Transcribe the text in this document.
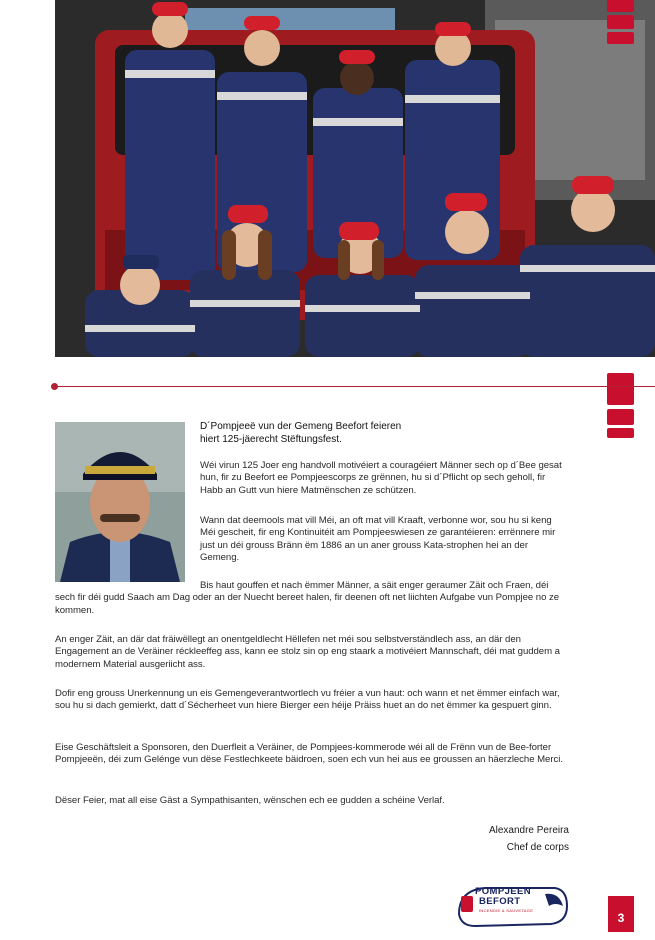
D´Pompjeeë vun der Gemeng Beefort feieren
hiert 125-jäerecht Stëftungsfest.

Wéi virun 125 Joer eng handvoll motivéiert a couragéiert Männer sech op d´Bee gesat hun, fir zu Beefort ee Pompjeescorps ze grënnen, hu si d´Pflicht op sech geholl, fir Habb an Gutt vun hiere Matmënschen ze schützen.

Wann dat deemools mat vill Méi, an oft mat vill Kraaft, verbonne wor, sou hu si keng Méi gescheit, fir eng Kontinuitéit am Pompjeeswiesen ze garantéieren: errënnere mir just un déi grouss Bränn ëm 1886 an un aner grouss Kata-strophen hei an der Gemeng.

Bis haut gouffen et nach ëmmer Männer, a säit enger geraumer Zäit och Fraen, déi sech fir déi gudd Saach am Dag oder an der Nuecht bereet halen, fir deenen oft net liichten Aufgabe vun Pompjee no ze kommen.

An enger Zäit, an där dat fräiwëllegt an onentgeldlecht Hëllefen net méi sou selbstverständlech ass, an där den Engagement an de Veräiner réckleeffeg ass, kann ee stolz sin op eng staark a motivéiert Mannschaft, déi mat guddem a modernem Material ausgeriicht ass.

Dofir eng grouss Unerkennung un eis Gemengeverantwortlech vu fréier a vun haut: och wann et net ëmmer einfach war, sou hu si dach gemierkt, datt d´Sécherheet vun hiere Bierger een héije Präiss huet an do net ëmmer ka gespuert ginn.

Eise Geschäftsleit a Sponsoren, den Duerfleit a Veräiner, de Pompjees-kommerode wéi all de Frënn vun de Bee-forter Pompjeeën, déi zum Gelénge vun dëse Festlechkeete bäidroen, soen ech vun hei aus ee groussen an häerzleche Merci.

Dëser Feier, mat all eise Gäst a Sympathisanten, wënschen ech ee gudden a schéine Verlaf.

Alexandre Pereira
Chef de corps
POMPJEEN
BEFORT
INCENDIE & SAUVETAGE
3
